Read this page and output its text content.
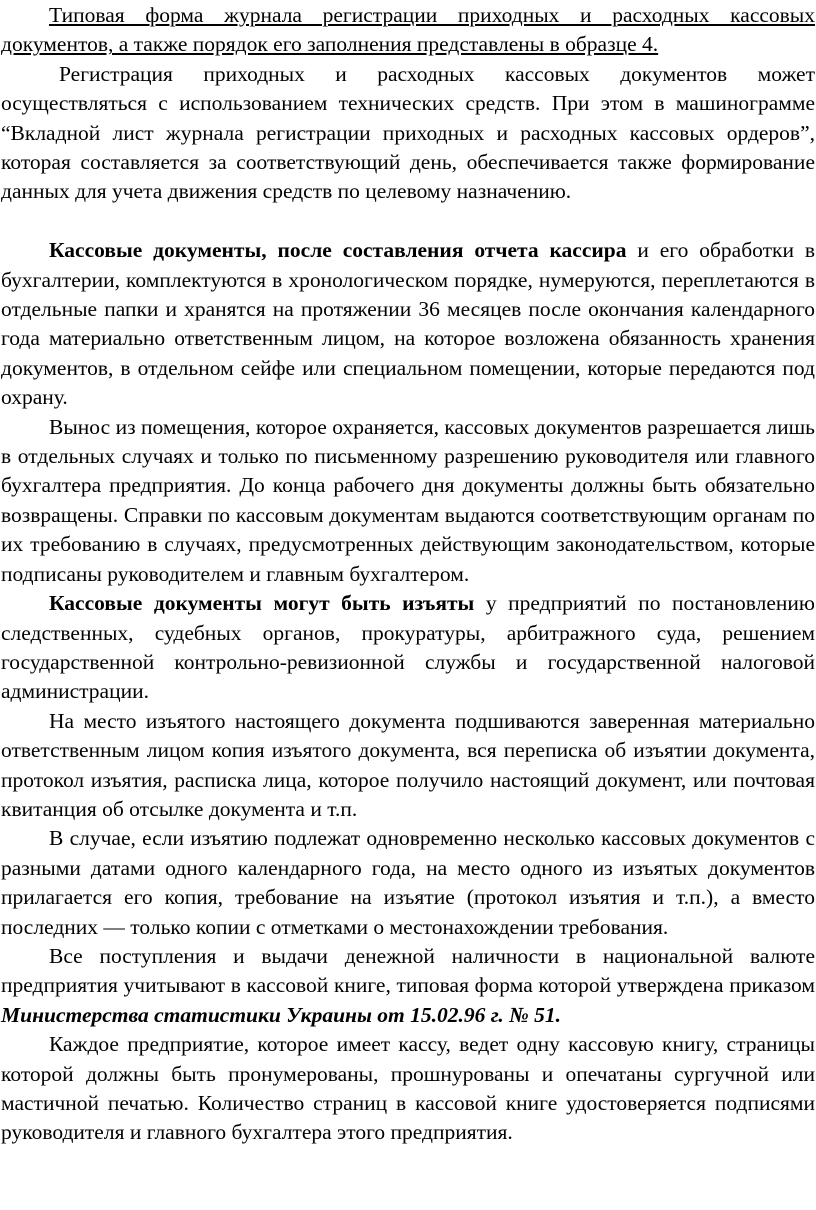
Типовая форма журнала регистрации приходных и расходных кассовых документов, а также порядок его заполнения представлены в образце 4.

Регистрация приходных и расходных кассовых документов может осуществляться с использованием технических средств. При этом в машинограмме “Вкладной лист журнала регистрации приходных и расходных кассовых ордеров”, которая составляется за соответствующий день, обеспечивается также формирование данных для учета движения средств по целевому назначению.

Кассовые документы, после составления отчета кассира и его обработки в бухгалтерии, комплектуются в хронологическом порядке, нумеруются, переплетаются в отдельные папки и хранятся на протяжении 36 месяцев после окончания календарного года материально ответственным лицом, на которое возложена обязанность хранения документов, в отдельном сейфе или специальном помещении, которые передаются под охрану.

Вынос из помещения, которое охраняется, кассовых документов разрешается лишь в отдельных случаях и только по письменному разрешению руководителя или главного бухгалтера предприятия. До конца рабочего дня документы должны быть обязательно возвращены. Справки по кассовым документам выдаются соответствующим органам по их требованию в случаях, предусмотренных действующим законодательством, которые подписаны руководителем и главным бухгалтером.

Кассовые документы могут быть изъяты у предприятий по постановлению следственных, судебных органов, прокуратуры, арбитражного суда, решением государственной контрольно-ревизионной службы и государственной налоговой администрации.

На место изъятого настоящего документа подшиваются заверенная материально ответственным лицом копия изъятого документа, вся переписка об изъятии документа, протокол изъятия, расписка лица, которое получило настоящий документ, или почтовая квитанция об отсылке документа и т.п.

В случае, если изъятию подлежат одновременно несколько кассовых документов с разными датами одного календарного года, на место одного из изъятых документов прилагается его копия, требование на изъятие (протокол изъятия и т.п.), а вместо последних — только копии с отметками о местонахождении требования.

Все поступления и выдачи денежной наличности в национальной валюте предприятия учитывают в кассовой книге, типовая форма которой утверждена приказом Министерства статистики Украины от 15.02.96 г. № 51.

Каждое предприятие, которое имеет кассу, ведет одну кассовую книгу, страницы которой должны быть пронумерованы, прошнурованы и опечатаны сургучной или мастичной печатью. Количество страниц в кассовой книге удостоверяется подписями руководителя и главного бухгалтера этого предприятия.
